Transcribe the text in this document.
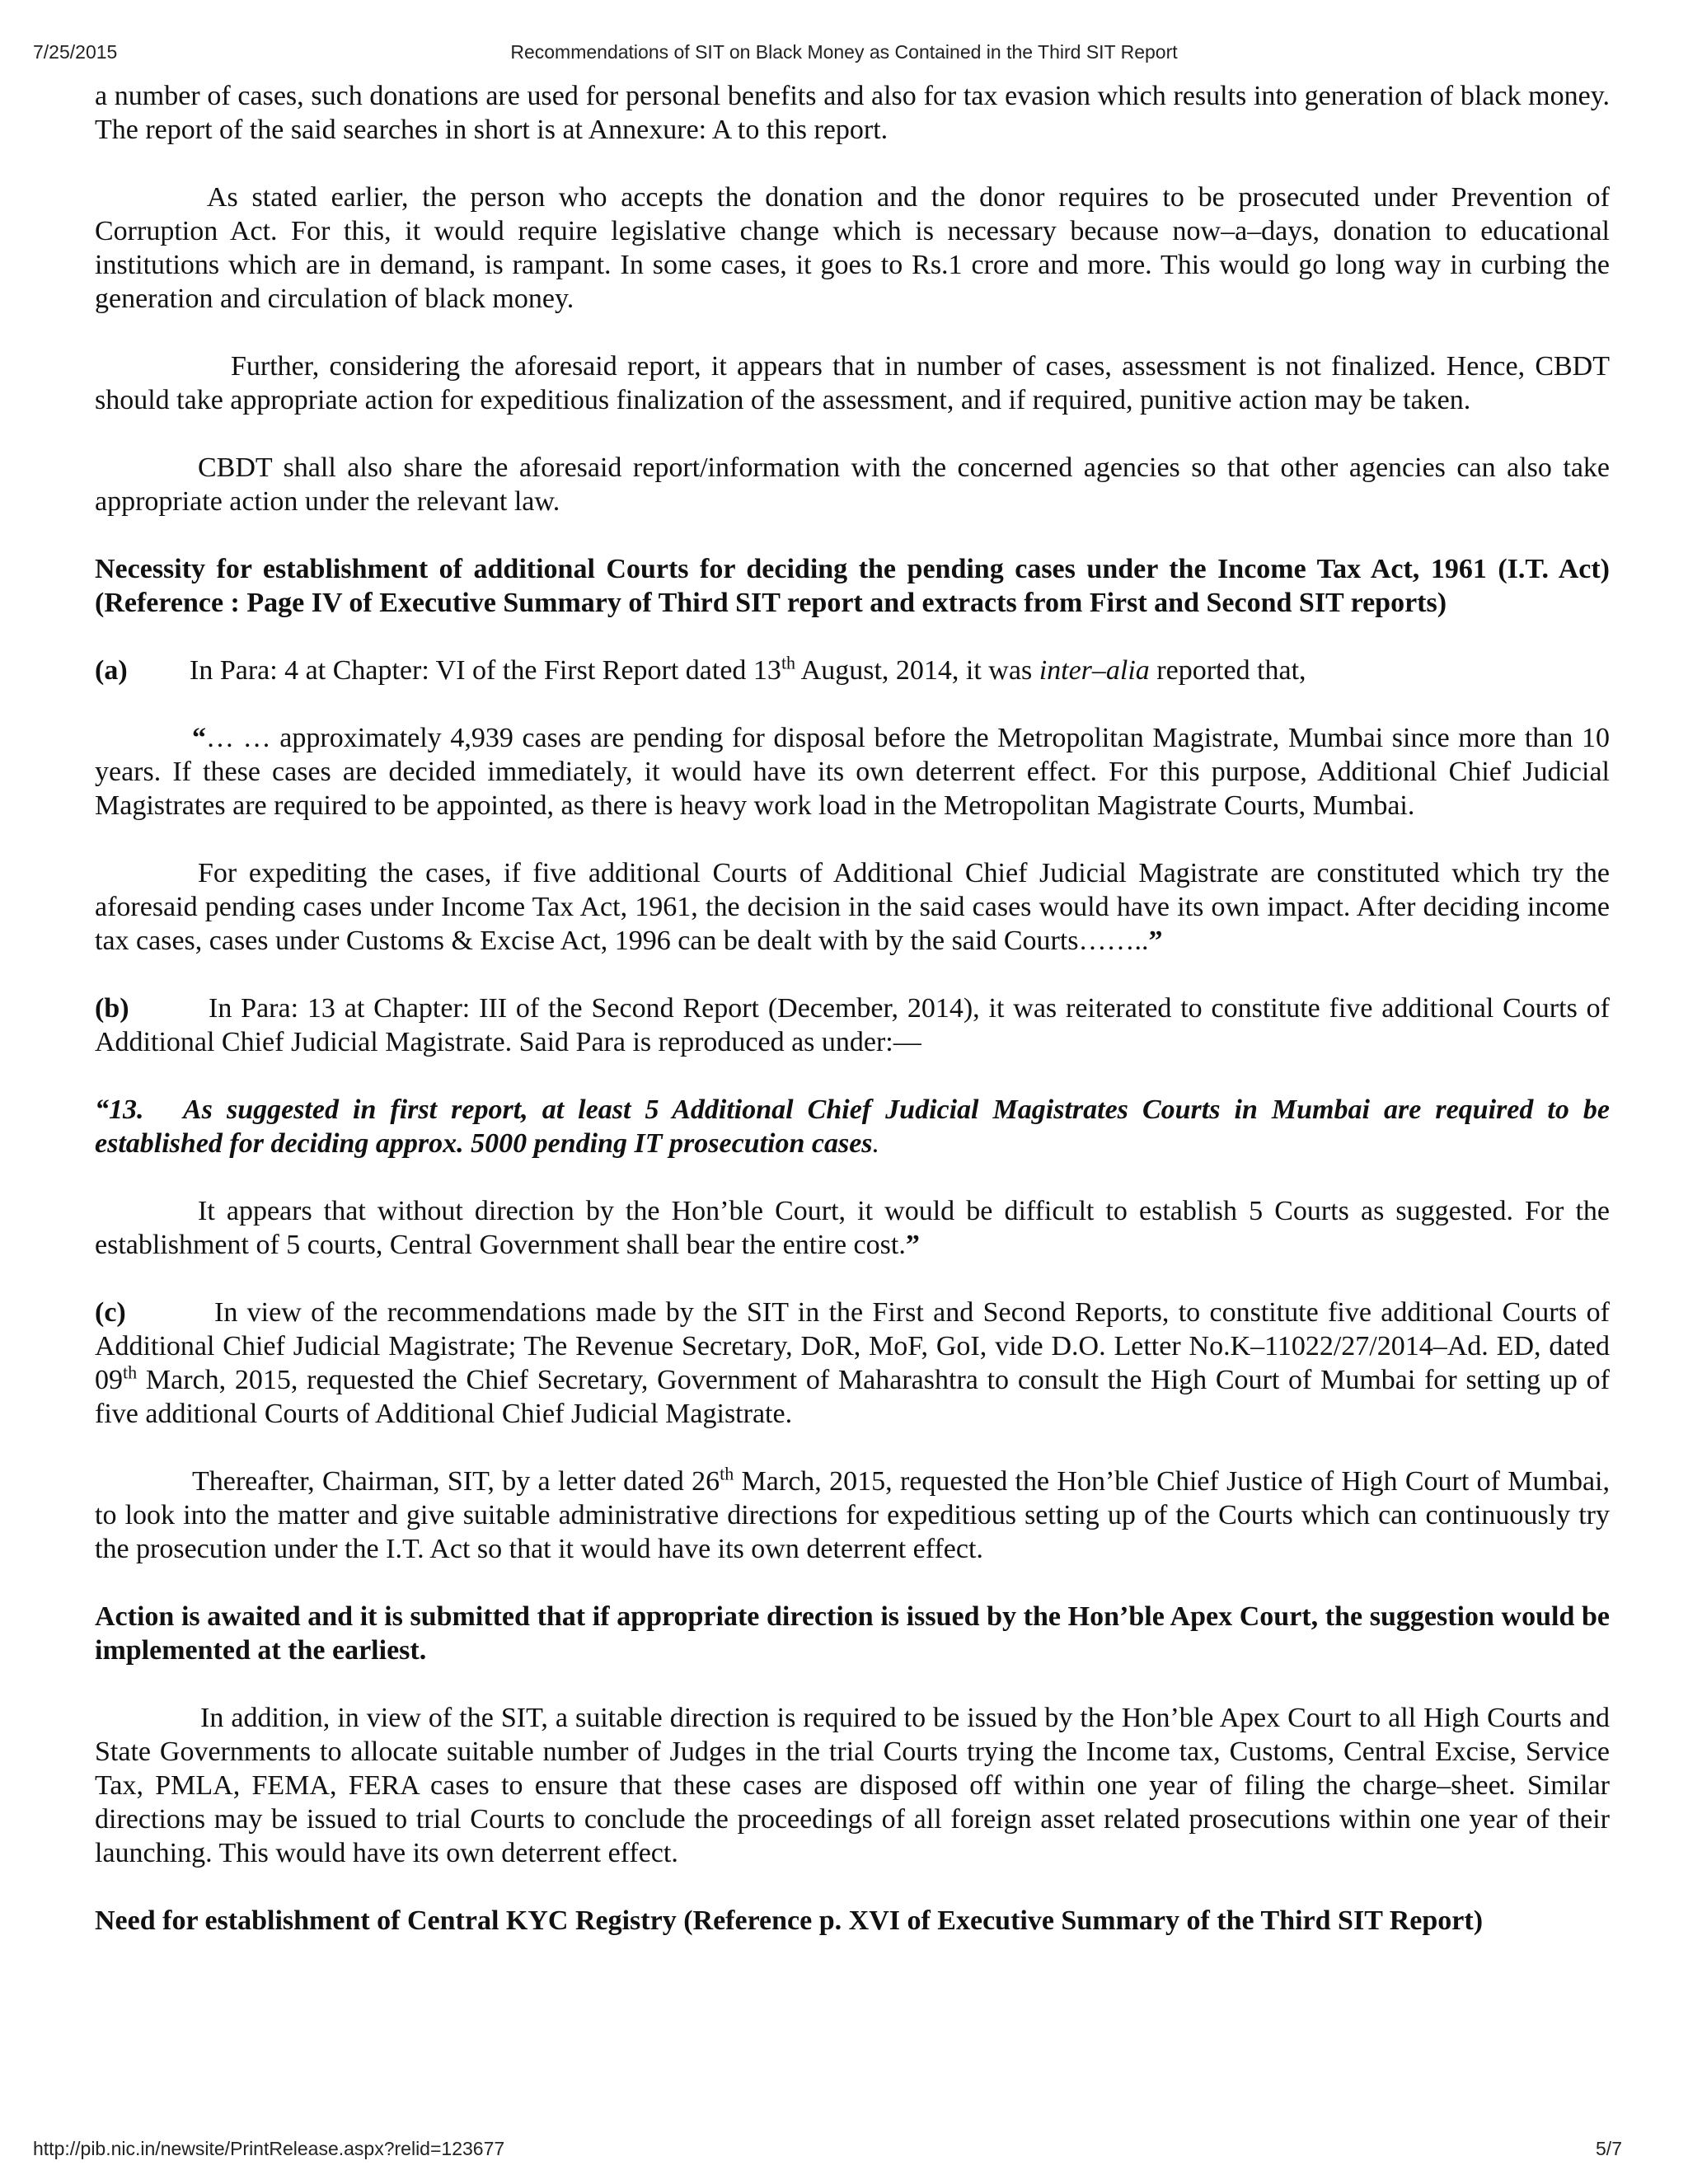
7/25/2015	Recommendations of SIT on Black Money as Contained in the Third SIT Report

a number of cases, such donations are used for personal benefits and also for tax evasion which results into generation of black money. The report of the said searches in short is at Annexure: A to this report.

As stated earlier, the person who accepts the donation and the donor requires to be prosecuted under Prevention of Corruption Act. For this, it would require legislative change which is necessary because now–a–days, donation to educational institutions which are in demand, is rampant. In some cases, it goes to Rs.1 crore and more. This would go long way in curbing the generation and circulation of black money.

Further, considering the aforesaid report, it appears that in number of cases, assessment is not finalized. Hence, CBDT should take appropriate action for expeditious finalization of the assessment, and if required, punitive action may be taken.

CBDT shall also share the aforesaid report/information with the concerned agencies so that other agencies can also take appropriate action under the relevant law.

Necessity for establishment of additional Courts for deciding the pending cases under the Income Tax Act, 1961 (I.T. Act) (Reference : Page IV of Executive Summary of Third SIT report and extracts from First and Second SIT reports)

(a) In Para: 4 at Chapter: VI of the First Report dated 13th August, 2014, it was inter–alia reported that,

“… … approximately 4,939 cases are pending for disposal before the Metropolitan Magistrate, Mumbai since more than 10 years. If these cases are decided immediately, it would have its own deterrent effect. For this purpose, Additional Chief Judicial Magistrates are required to be appointed, as there is heavy work load in the Metropolitan Magistrate Courts, Mumbai.

For expediting the cases, if five additional Courts of Additional Chief Judicial Magistrate are constituted which try the aforesaid pending cases under Income Tax Act, 1961, the decision in the said cases would have its own impact. After deciding income tax cases, cases under Customs & Excise Act, 1996 can be dealt with by the said Courts……..”

(b)	In Para: 13 at Chapter: III of the Second Report (December, 2014), it was reiterated to constitute five additional Courts of Additional Chief Judicial Magistrate. Said Para is reproduced as under:—

“13. As suggested in first report, at least 5 Additional Chief Judicial Magistrates Courts in Mumbai are required to be established for deciding approx. 5000 pending IT prosecution cases.

It appears that without direction by the Hon’ble Court, it would be difficult to establish 5 Courts as suggested. For the establishment of 5 courts, Central Government shall bear the entire cost.”

(c)	In view of the recommendations made by the SIT in the First and Second Reports, to constitute five additional Courts of Additional Chief Judicial Magistrate; The Revenue Secretary, DoR, MoF, GoI, vide D.O. Letter No.K–11022/27/2014–Ad. ED, dated 09th March, 2015, requested the Chief Secretary, Government of Maharashtra to consult the High Court of Mumbai for setting up of five additional Courts of Additional Chief Judicial Magistrate.

Thereafter, Chairman, SIT, by a letter dated 26th March, 2015, requested the Hon’ble Chief Justice of High Court of Mumbai, to look into the matter and give suitable administrative directions for expeditious setting up of the Courts which can continuously try the prosecution under the I.T. Act so that it would have its own deterrent effect.

Action is awaited and it is submitted that if appropriate direction is issued by the Hon’ble Apex Court, the suggestion would be implemented at the earliest.

In addition, in view of the SIT, a suitable direction is required to be issued by the Hon’ble Apex Court to all High Courts and State Governments to allocate suitable number of Judges in the trial Courts trying the Income tax, Customs, Central Excise, Service Tax, PMLA, FEMA, FERA cases to ensure that these cases are disposed off within one year of filing the charge–sheet. Similar directions may be issued to trial Courts to conclude the proceedings of all foreign asset related prosecutions within one year of their launching. This would have its own deterrent effect.

Need for establishment of Central KYC Registry (Reference p. XVI of Executive Summary of the Third SIT Report)

http://pib.nic.in/newsite/PrintRelease.aspx?relid=123677	5/7
